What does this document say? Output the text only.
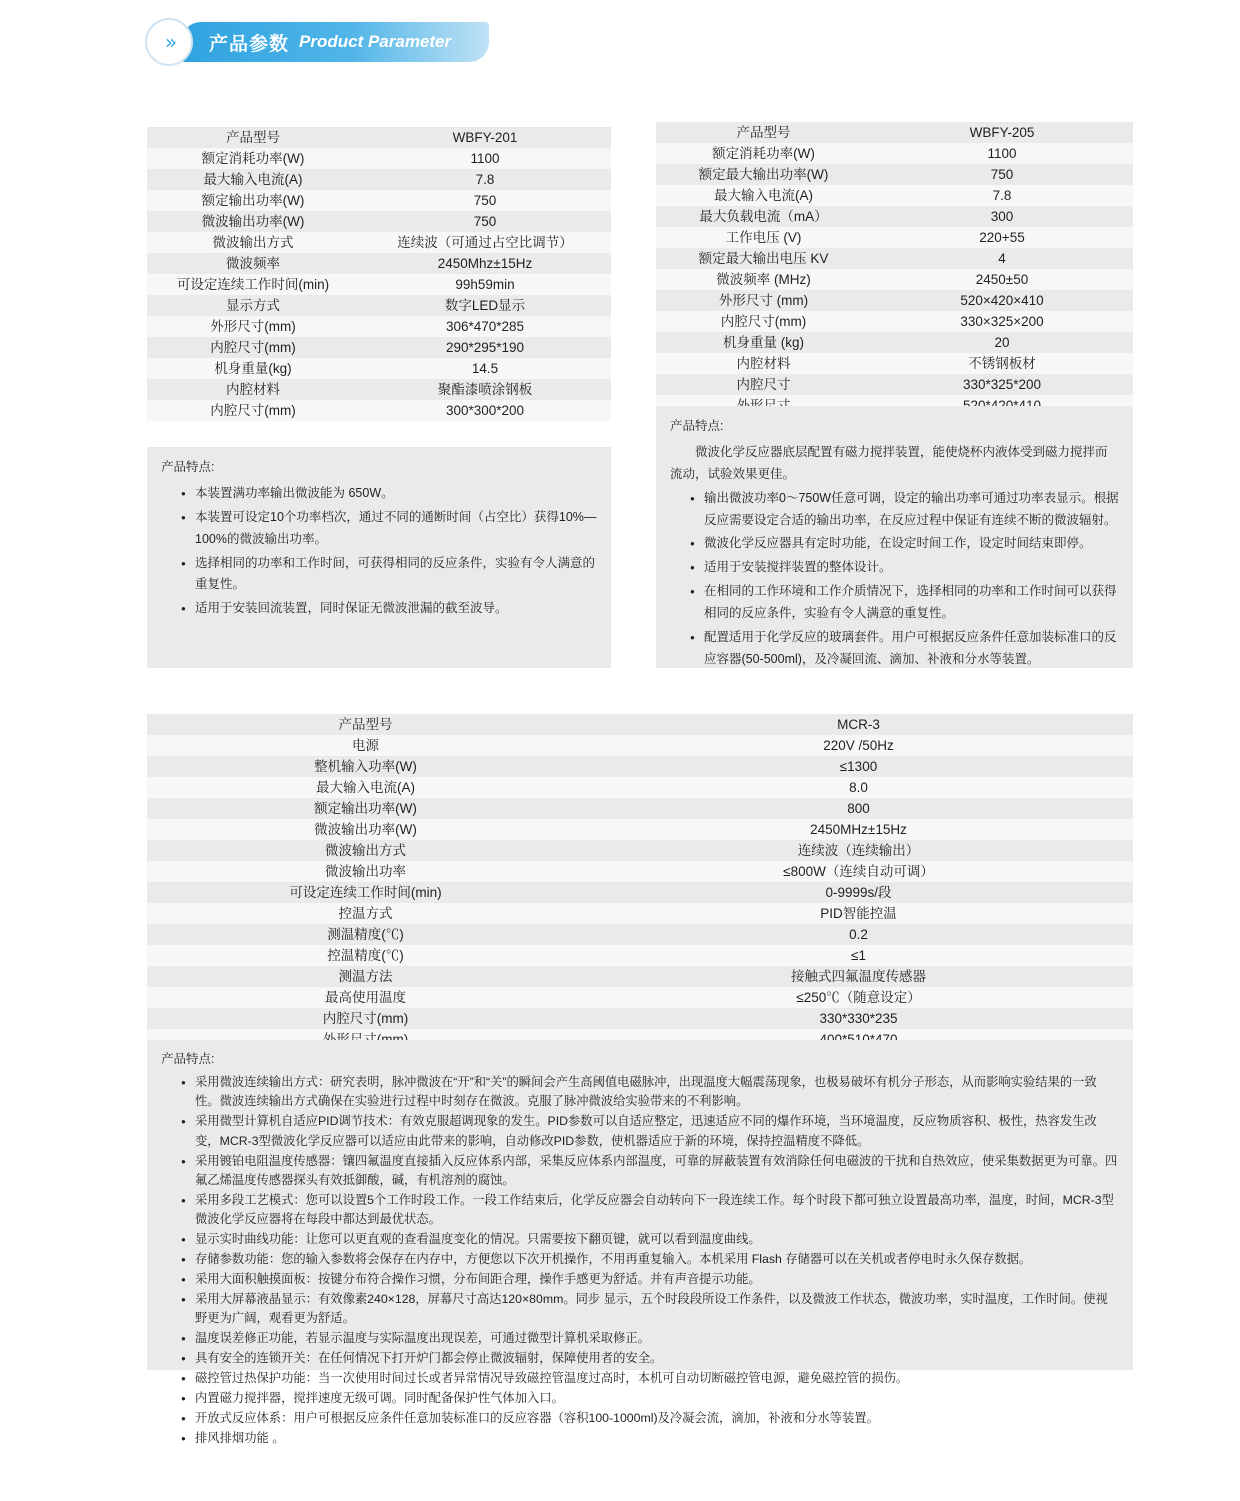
» 产品参数 Product Parameter
产品型号	WBFY-201
额定消耗功率(W)	1100
最大输入电流(A)	7.8
额定输出功率(W)	750
微波输出功率(W)	750
微波输出方式	连续波（可通过占空比调节）
微波频率	2450Mhz±15Hz
可设定连续工作时间(min)	99h59min
显示方式	数字LED显示
外形尺寸(mm)	306*470*285
内腔尺寸(mm)	290*295*190
机身重量(kg)	14.5
内腔材料	聚酯漆喷涂钢板
内腔尺寸(mm)	300*300*200
产品型号	WBFY-205
额定消耗功率(W)	1100
额定最大输出功率(W)	750
最大输入电流(A)	7.8
最大负载电流（mA）	300
工作电压 (V)	220+55
额定最大输出电压 KV	4
微波频率 (MHz)	2450±50
外形尺寸 (mm)	520×420×410
内腔尺寸(mm)	330×325×200
机身重量 (kg)	20
内腔材料	不锈钢板材
内腔尺寸	330*325*200

产品特点:
● 本装置满功率输出微波能为 650W。
● 本装置可设定10个功率档次，通过不同的通断时间（占空比）获得10%—100%的微波输出功率。
● 选择相同的功率和工作时间，可获得相同的反应条件，实验有令人满意的重复性。
● 适用于安装回流装置，同时保证无微波泄漏的截至波导。
产品特点:

微波化学反应器底层配置有磁力搅拌装置，能使烧杯内液体受到磁力搅拌而流动，试验效果更佳。

● 输出微波功率0～750W任意可调，设定的输出功率可通过功率表显示。根据反应需要设定合适的输出功率，在反应过程中保证有连续不断的微波辐射。
● 微波化学反应器具有定时功能，在设定时间工作，设定时间结束即停。
● 适用于安装搅拌装置的整体设计。
● 在相同的工作环境和工作介质情况下，选择相同的功率和工作时间可以获得相同的反应条件，实验有令人满意的重复性。
● 配置适用于化学反应的玻璃套件。用户可根据反应条件任意加装标准口的反应容器(50-500ml)，及冷凝回流、滴加、补液和分水等装置。
产品型号	MCR-3
电源	220V /50Hz
整机输入功率(W)	≤1300
最大输入电流(A)	8.0
额定输出功率(W)	800
微波输出功率(W)	2450MHz±15Hz
微波输出方式	连续波（连续输出）
微波输出功率	≤800W（连续自动可调）
可设定连续工作时间(min)	0-9999s/段
控温方式	PID智能控温
测温精度(℃)	0.2
控温精度(℃)	≤1
测温方法	接触式四氟温度传感器
最高使用温度	≤250℃（随意设定）
内腔尺寸(mm)	330*330*235

产品特点:
● 采用微波连续输出方式：研究表明，脉冲微波在“开”和“关”的瞬间会产生高阈值电磁脉冲，出现温度大幅震荡现象，也极易破坏有机分子形态，从而影响实验结果的一致性。微波连续输出方式确保在实验进行过程中时刻存在微波。克服了脉冲微波给实验带来的不利影响。
● 采用微型计算机自适应PID调节技术：有效克服超调现象的发生。PID参数可以自适应整定，迅速适应不同的爆作环境，当环境温度，反应物质容积、极性，热容发生改变，MCR-3型微波化学反应器可以适应由此带来的影响，自动修改PID参数，使机器适应于新的环境，保持控温精度不降低。
● 采用镀铂电阻温度传感器：镶四氟温度直接插入反应体系内部，采集反应体系内部温度，可靠的屏蔽装置有效消除任何电磁波的干扰和自热效应，使采集数据更为可靠。四氟乙烯温度传感器探头有效抵御酸，碱，有机溶剂的腐蚀。
● 采用多段工艺模式：您可以设置5个工作时段工作。一段工作结束后，化学反应器会自动转向下一段连续工作。每个时段下都可独立设置最高功率，温度，时间，MCR-3型微波化学反应器将在每段中都达到最优状态。
● 显示实时曲线功能：让您可以更直观的查看温度变化的情况。只需要按下翻页键，就可以看到温度曲线。
● 存储参数功能：您的输入参数将会保存在内存中，方便您以下次开机操作，不用再重复输入。本机采用 Flash 存储器可以在关机或者停电时永久保存数据。
● 采用大面积触摸面板：按键分布符合操作习惯，分布间距合理，操作手感更为舒适。并有声音提示功能。
● 采用大屏幕液晶显示：有效像素240×128，屏幕尺寸高达120×80mm。同步 显示，五个时段段所设工作条件，以及微波工作状态，微波功率，实时温度，工作时间。使视野更为广阔，观看更为舒适。
● 温度误差修正功能，若显示温度与实际温度出现误差，可通过微型计算机采取修正。
● 具有安全的连锁开关：在任何情况下打开炉门都会停止微波辐射，保障使用者的安全。
● 磁控管过热保护功能：当一次使用时间过长或者异常情况导致磁控管温度过高时，本机可自动切断磁控管电源，避免磁控管的损伤。
● 内置磁力搅拌器，搅拌速度无级可调。同时配备保护性气体加入口。
● 开放式反应体系：用户可根据反应条件任意加装标准口的反应容器（容积100-1000ml)及冷凝会流，滴加，补液和分水等装置。
● 排风排烟功能 。
